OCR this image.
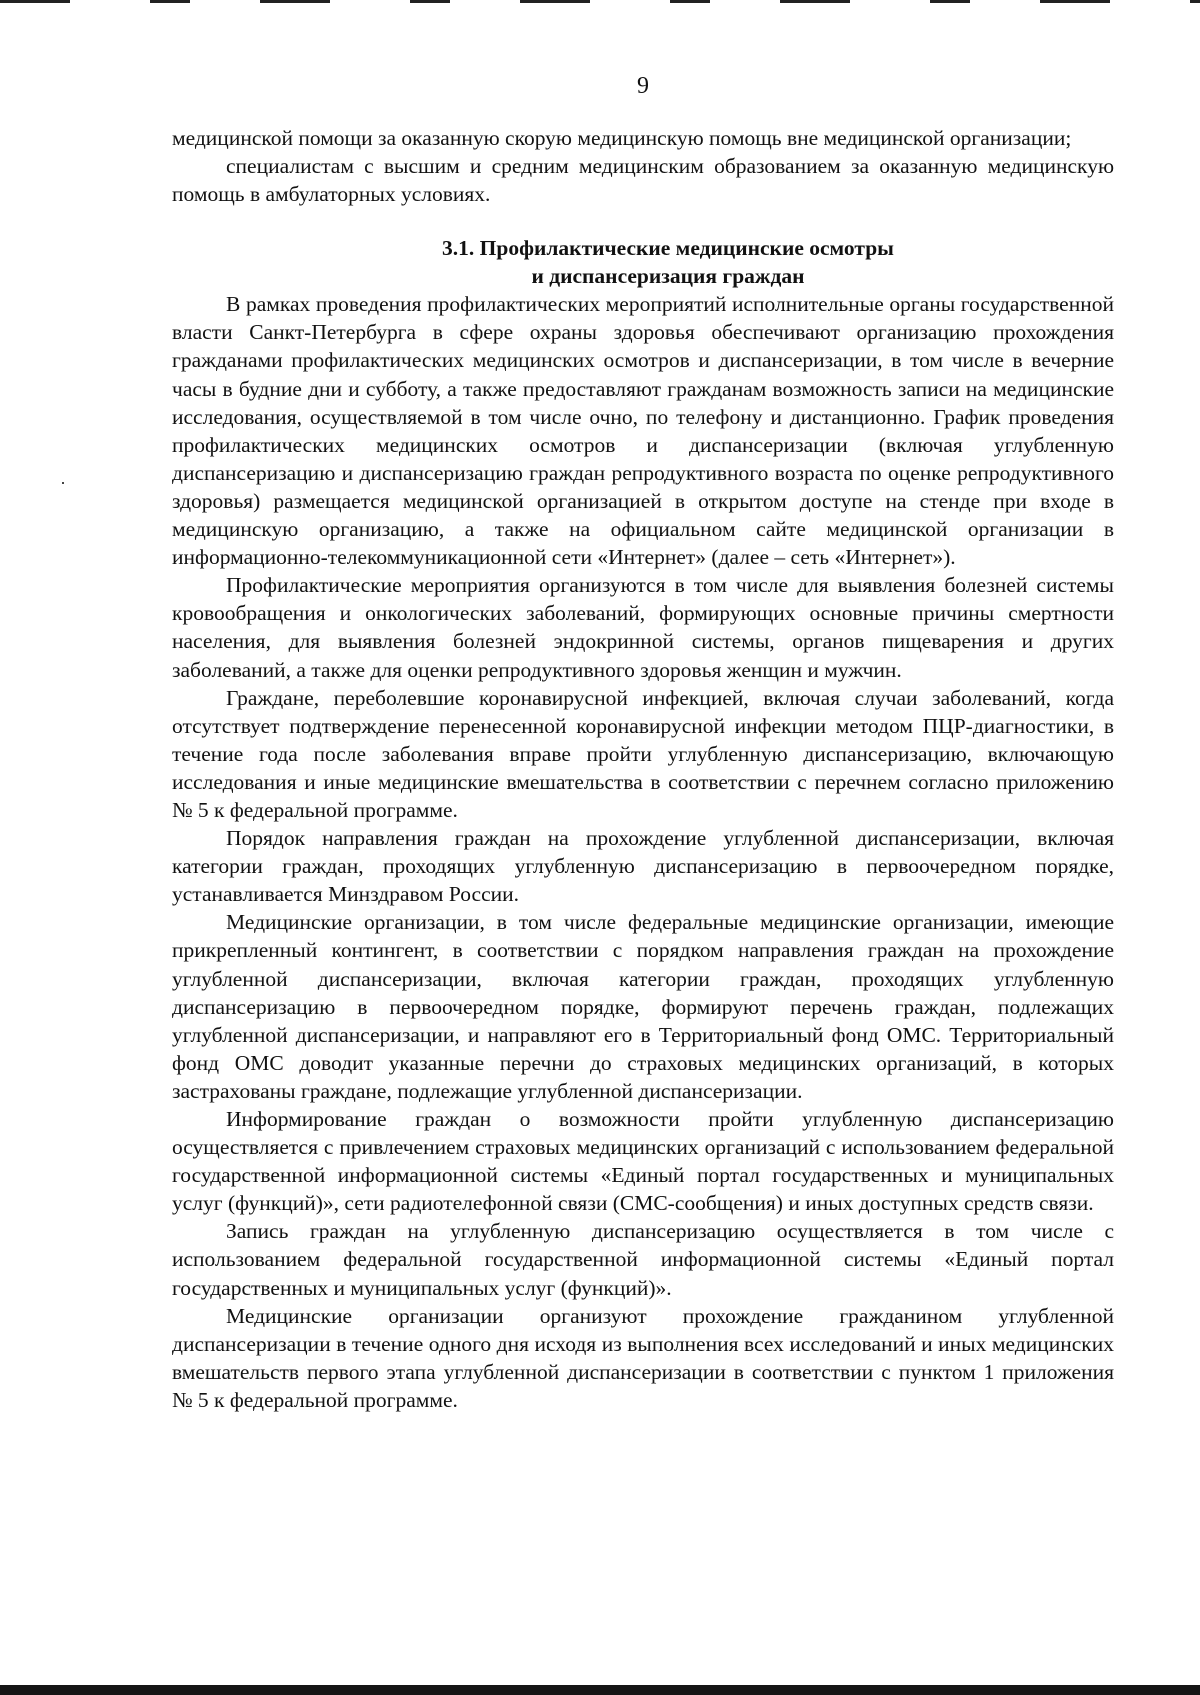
9

медицинской помощи за оказанную скорую медицинскую помощь вне медицинской организации;

специалистам с высшим и средним медицинским образованием за оказанную медицинскую помощь в амбулаторных условиях.

3.1. Профилактические медицинские осмотры
и диспансеризация граждан

В рамках проведения профилактических мероприятий исполнительные органы государственной власти Санкт-Петербурга в сфере охраны здоровья обеспечивают организацию прохождения гражданами профилактических медицинских осмотров и диспансеризации, в том числе в вечерние часы в будние дни и субботу, а также предоставляют гражданам возможность записи на медицинские исследования, осуществляемой в том числе очно, по телефону и дистанционно. График проведения профилактических медицинских осмотров и диспансеризации (включая углубленную диспансеризацию и диспансеризацию граждан репродуктивного возраста по оценке репродуктивного здоровья) размещается медицинской организацией в открытом доступе на стенде при входе в медицинскую организацию, а также на официальном сайте медицинской организации в информационно-телекоммуникационной сети «Интернет» (далее – сеть «Интернет»).

Профилактические мероприятия организуются в том числе для выявления болезней системы кровообращения и онкологических заболеваний, формирующих основные причины смертности населения, для выявления болезней эндокринной системы, органов пищеварения и других заболеваний, а также для оценки репродуктивного здоровья женщин и мужчин.

Граждане, переболевшие коронавирусной инфекцией, включая случаи заболеваний, когда отсутствует подтверждение перенесенной коронавирусной инфекции методом ПЦР-диагностики, в течение года после заболевания вправе пройти углубленную диспансеризацию, включающую исследования и иные медицинские вмешательства в соответствии с перечнем согласно приложению № 5 к федеральной программе.

Порядок направления граждан на прохождение углубленной диспансеризации, включая категории граждан, проходящих углубленную диспансеризацию в первоочередном порядке, устанавливается Минздравом России.

Медицинские организации, в том числе федеральные медицинские организации, имеющие прикрепленный контингент, в соответствии с порядком направления граждан на прохождение углубленной диспансеризации, включая категории граждан, проходящих углубленную диспансеризацию в первоочередном порядке, формируют перечень граждан, подлежащих углубленной диспансеризации, и направляют его в Территориальный фонд ОМС. Территориальный фонд ОМС доводит указанные перечни до страховых медицинских организаций, в которых застрахованы граждане, подлежащие углубленной диспансеризации.

Информирование граждан о возможности пройти углубленную диспансеризацию осуществляется с привлечением страховых медицинских организаций с использованием федеральной государственной информационной системы «Единый портал государственных и муниципальных услуг (функций)», сети радиотелефонной связи (СМС-сообщения) и иных доступных средств связи.

Запись граждан на углубленную диспансеризацию осуществляется в том числе с использованием федеральной государственной информационной системы «Единый портал государственных и муниципальных услуг (функций)».

Медицинские организации организуют прохождение гражданином углубленной диспансеризации в течение одного дня исходя из выполнения всех исследований и иных медицинских вмешательств первого этапа углубленной диспансеризации в соответствии с пунктом 1 приложения № 5 к федеральной программе.
